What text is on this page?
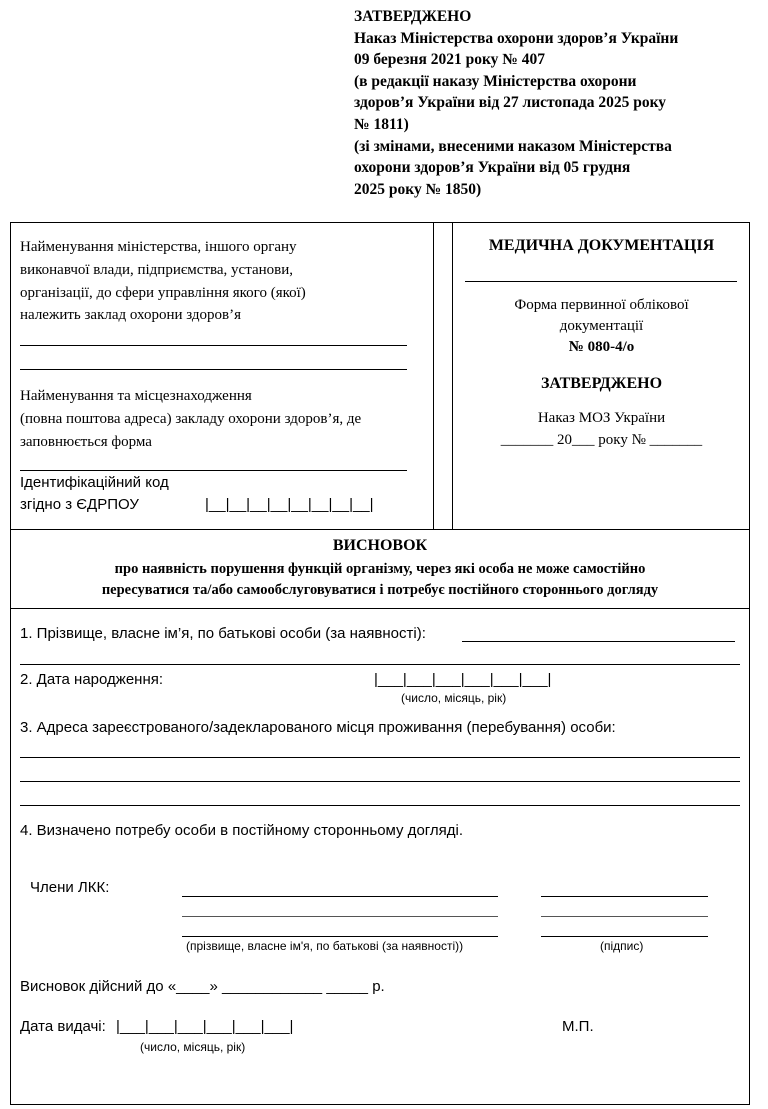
ЗАТВЕРДЖЕНО
Наказ Міністерства охорони здоров’я України
09 березня 2021 року № 407
(в редакції наказу Міністерства охорони
здоров’я України від 27 листопада 2025 року
№ 1811)
(зі змінами, внесеними наказом Міністерства
охорони здоров’я України від 05 грудня
2025 року № 1850)
Найменування міністерства, іншого органу
виконавчої влади, підприємства, установи,
організації, до сфери управління якого (якої)
належить заклад охорони здоров’я
Найменування та місцезнаходження
(повна поштова адреса) закладу охорони здоров’я, де
заповнюється форма
Ідентифікаційний код
згідно з ЄДРПОУ	|__|__|__|__|__|__|__|__|
МЕДИЧНА ДОКУМЕНТАЦІЯ
Форма первинної облікової
документації
№ 080-4/о
ЗАТВЕРДЖЕНО
Наказ МОЗ України
_______ 20___ року № _______
ВИСНОВОК
про наявність порушення функцій організму, через які особа не може самостійно
пересуватися та/або самообслуговуватися і потребує постійного стороннього догляду
1. Прізвище, власне ім’я, по батькові особи (за наявності):
2. Дата народження:	|___|___|___|___|___|___|
(число, місяць, рік)
3. Адреса зареєстрованого/задекларованого місця проживання (перебування) особи:
4. Визначено потребу особи в постійному сторонньому догляді.
Члени ЛКК:
(прізвище, власне ім'я, по батькові (за наявності))	(підпис)
Висновок дійсний до «____» ____________ _____ р.
Дата видачі: |___|___|___|___|___|___|
(число, місяць, рік)
М.П.
